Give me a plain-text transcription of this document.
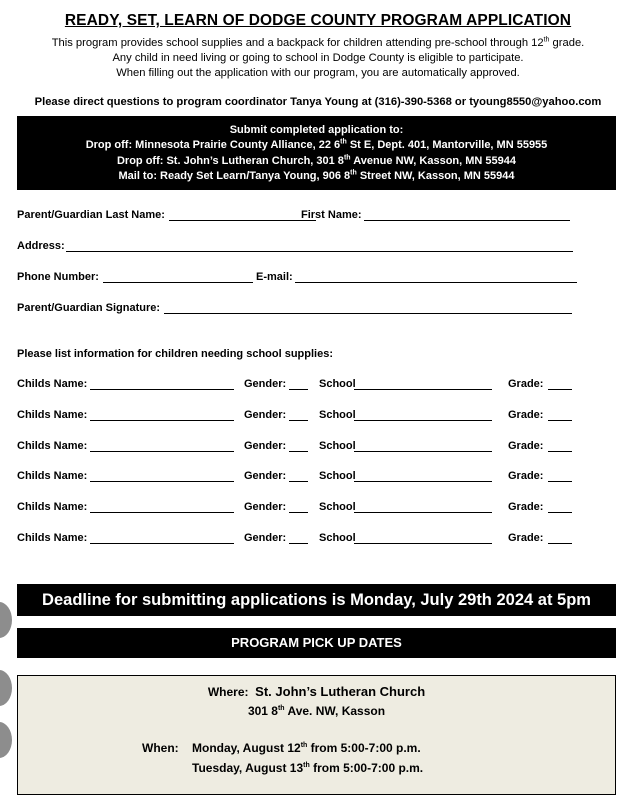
READY, SET, LEARN OF DODGE COUNTY PROGRAM APPLICATION
This program provides school supplies and a backpack for children attending pre-school through 12th grade.
Any child in need living or going to school in Dodge County is eligible to participate.
When filling out the application with our program, you are automatically approved.
Please direct questions to program coordinator Tanya Young at (316)-390-5368 or tyoung8550@yahoo.com
Submit completed application to:
Drop off: Minnesota Prairie County Alliance, 22 6th St E, Dept. 401, Mantorville, MN 55955
Drop off: St. John’s Lutheran Church, 301 8th Avenue NW, Kasson, MN 55944
Mail to: Ready Set Learn/Tanya Young, 906 8th Street NW, Kasson, MN 55944
Parent/Guardian Last Name:	First Name:
Address:
Phone Number:	E-mail:
Parent/Guardian Signature:
Please list information for children needing school supplies:
Childs Name:	Gender:	School	Grade:
Childs Name:	Gender:	School	Grade:
Childs Name:	Gender:	School	Grade:
Childs Name:	Gender:	School	Grade:
Childs Name:	Gender:	School	Grade:
Childs Name:	Gender:	School	Grade:
Deadline for submitting applications is Monday, July 29th 2024 at 5pm
PROGRAM PICK UP DATES
Where: St. John’s Lutheran Church
301 8th Ave. NW, Kasson
When: Monday, August 12th from 5:00-7:00 p.m.
Tuesday, August 13th from 5:00-7:00 p.m.
